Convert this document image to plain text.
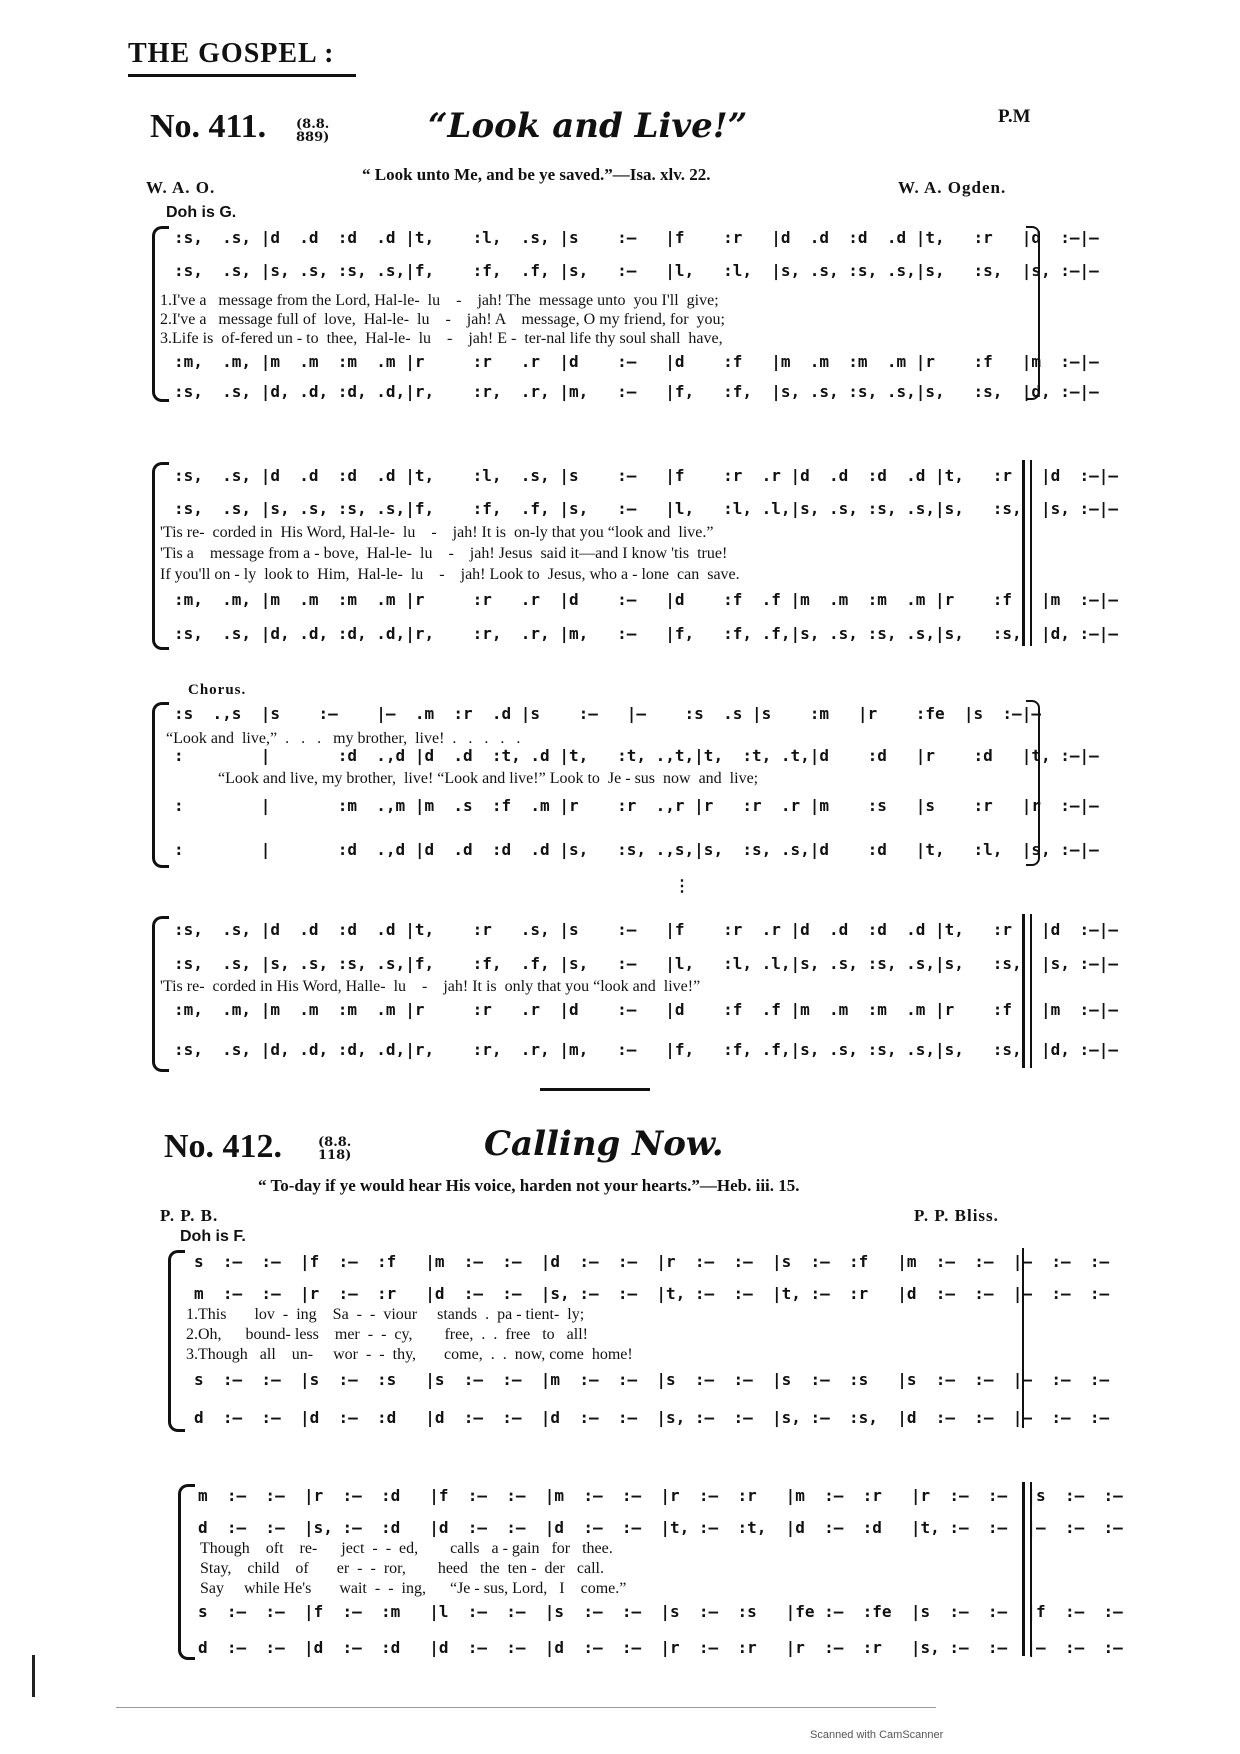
THE GOSPEL :
No. 411. (8.8.
889)	“Look and Live!”	P.M
“ Look unto Me, and be ye saved.”—Isa. xlv. 22.
W. A. O.	W. A. Ogden.
Doh is G.
:s,  .s, |d  .d  :d  .d |t,    :l,  .s, |s    :—   |f    :r   |d  .d  :d  .d |t,   :r   |d  :—|—
:s,  .s, |s, .s, :s, .s,|f,    :f,  .f, |s,   :—   |l,   :l,  |s, .s, :s, .s,|s,   :s,  |s, :—|—
1.I've a   message from the Lord, Hal-le-  lu    -    jah! The  message unto  you I'll  give;
2.I've a   message full of  love,  Hal-le-  lu    -    jah! A    message, O my friend, for  you;
3.Life is  of-fered un - to  thee,  Hal-le-  lu    -    jah! E -  ter-nal life thy soul shall  have,
:m,  .m, |m  .m  :m  .m |r     :r   .r  |d    :—   |d    :f   |m  .m  :m  .m |r    :f   |m  :—|—
:s,  .s, |d, .d, :d, .d,|r,    :r,  .r, |m,   :—   |f,   :f,  |s, .s, :s, .s,|s,   :s,  |d, :—|—
:s,  .s, |d  .d  :d  .d |t,    :l,  .s, |s    :—   |f    :r  .r |d  .d  :d  .d |t,   :r   |d  :—|—
:s,  .s, |s, .s, :s, .s,|f,    :f,  .f, |s,   :—   |l,   :l, .l,|s, .s, :s, .s,|s,   :s,  |s, :—|—
'Tis re-  corded in  His Word, Hal-le-  lu    -    jah! It is  on-ly that you “look and  live.”
'Tis a    message from a - bove,  Hal-le-  lu    -    jah! Jesus  said it—and I know 'tis  true!
If you'll on - ly  look to  Him,  Hal-le-  lu    -    jah! Look to  Jesus, who a - lone  can  save.
:m,  .m, |m  .m  :m  .m |r     :r   .r  |d    :—   |d    :f  .f |m  .m  :m  .m |r    :f   |m  :—|—
:s,  .s, |d, .d, :d, .d,|r,    :r,  .r, |m,   :—   |f,   :f, .f,|s, .s, :s, .s,|s,   :s,  |d, :—|—
Chorus.
:s  .,s  |s    :—    |—  .m  :r  .d |s    :—   |—    :s  .s |s    :m   |r    :fe  |s  :—|—
“Look and  live,”  .   .   .   my brother,  live!  .   .   .   .   .
:        |       :d  .,d |d  .d  :t, .d |t,   :t, .,t,|t,  :t, .t,|d    :d   |r    :d   |t, :—|—
“Look and live, my brother,  live! “Look and live!” Look to  Je - sus  now  and  live;
:        |       :m  .,m |m  .s  :f  .m |r    :r  .,r |r   :r  .r |m    :s   |s    :r   |r  :—|—
:        |       :d  .,d |d  .d  :d  .d |s,   :s, .,s,|s,  :s, .s,|d    :d   |t,   :l,  |s, :—|—
⋮
:s,  .s, |d  .d  :d  .d |t,    :r   .s, |s    :—   |f    :r  .r |d  .d  :d  .d |t,   :r   |d  :—|—
:s,  .s, |s, .s, :s, .s,|f,    :f,  .f, |s,   :—   |l,   :l, .l,|s, .s, :s, .s,|s,   :s,  |s, :—|—
'Tis re-  corded in His Word, Halle-  lu    -    jah! It is  only that you “look and  live!”
:m,  .m, |m  .m  :m  .m |r     :r   .r  |d    :—   |d    :f  .f |m  .m  :m  .m |r    :f   |m  :—|—
:s,  .s, |d, .d, :d, .d,|r,    :r,  .r, |m,   :—   |f,   :f, .f,|s, .s, :s, .s,|s,   :s,  |d, :—|—
No. 412.	(8.8.
118)	Calling Now.
“ To-day if ye would hear His voice, harden not your hearts.”—Heb. iii. 15.
P. P. B.	P. P. Bliss.
Doh is F.
s  :—  :—  |f  :—  :f   |m  :—  :—  |d  :—  :—  |r  :—  :—  |s  :—  :f   |m  :—  :—  |—  :—  :—
m  :—  :—  |r  :—  :r   |d  :—  :—  |s, :—  :—  |t, :—  :—  |t, :—  :r   |d  :—  :—  |—  :—  :—
1.This       lov  -  ing    Sa  -  -  viour     stands  .  pa - tient-  ly;
2.Oh,      bound- less    mer  -  -  cy,        free,  .  .  free   to   all!
3.Though   all    un-     wor  -  -  thy,       come,  .  .  now, come  home!
s  :—  :—  |s  :—  :s   |s  :—  :—  |m  :—  :—  |s  :—  :—  |s  :—  :s   |s  :—  :—  |—  :—  :—
d  :—  :—  |d  :—  :d   |d  :—  :—  |d  :—  :—  |s, :—  :—  |s, :—  :s,  |d  :—  :—  |—  :—  :—
m  :—  :—  |r  :—  :d   |f  :—  :—  |m  :—  :—  |r  :—  :r   |m  :—  :r   |r  :—  :—  |s  :—  :—
d  :—  :—  |s, :—  :d   |d  :—  :—  |d  :—  :—  |t, :—  :t,  |d  :—  :d   |t, :—  :—  |—  :—  :—
Though    oft    re-      ject  -  -  ed,        calls   a - gain   for   thee.
Stay,    child    of       er  -  -  ror,        heed   the  ten -  der   call.
Say     while He's       wait  -  -  ing,      “Je - sus, Lord,   I    come.”
s  :—  :—  |f  :—  :m   |l  :—  :—  |s  :—  :—  |s  :—  :s   |fe :—  :fe  |s  :—  :—  |f  :—  :—
d  :—  :—  |d  :—  :d   |d  :—  :—  |d  :—  :—  |r  :—  :r   |r  :—  :r   |s, :—  :—  |—  :—  :—
Scanned with CamScanner
